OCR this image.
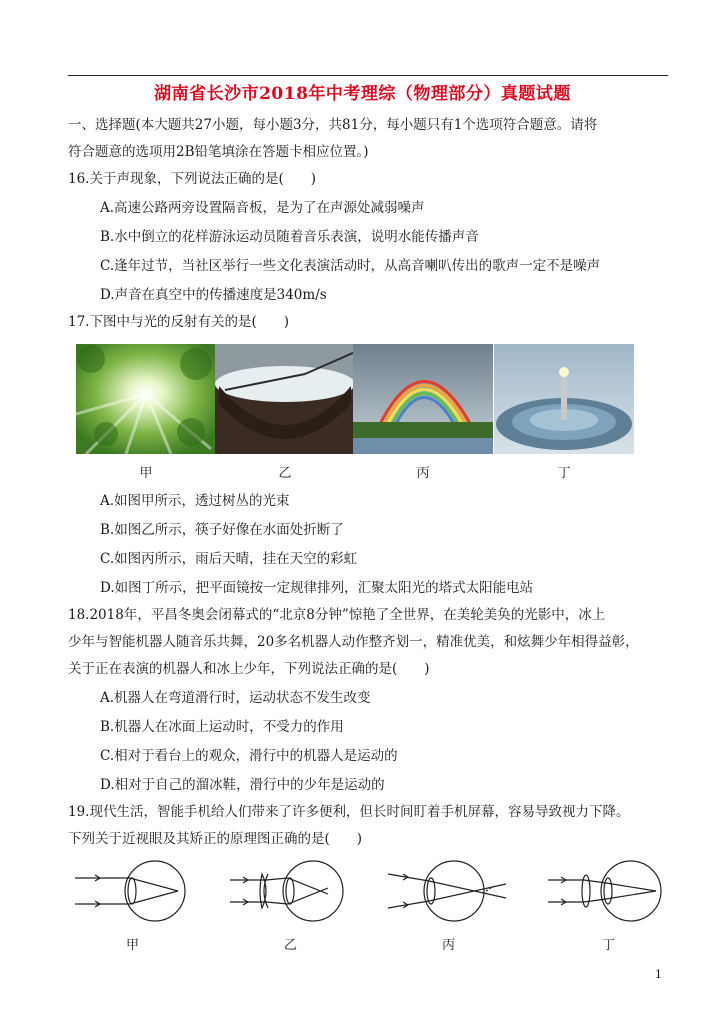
湖南省长沙市2018年中考理综（物理部分）真题试题
一、选择题(本大题共27小题，每小题3分，共81分，每小题只有1个选项符合题意。请将
符合题意的选项用2B铅笔填涂在答题卡相应位置。)
16.关于声现象，下列说法正确的是(　　)
A.高速公路两旁设置隔音板，是为了在声源处减弱噪声
B.水中倒立的花样游泳运动员随着音乐表演，说明水能传播声音
C.逢年过节，当社区举行一些文化表演活动时，从高音喇叭传出的歌声一定不是噪声
D.声音在真空中的传播速度是340m/s
17.下图中与光的反射有关的是(　　)
甲	乙	丙	丁
A.如图甲所示，透过树丛的光束
B.如图乙所示，筷子好像在水面处折断了
C.如图丙所示，雨后天晴，挂在天空的彩虹
D.如图丁所示，把平面镜按一定规律排列，汇聚太阳光的塔式太阳能电站
18.2018年，平昌冬奥会闭幕式的“北京8分钟”惊艳了全世界，在美轮美奂的光影中，冰上
少年与智能机器人随音乐共舞，20多名机器人动作整齐划一，精准优美，和炫舞少年相得益彰，
关于正在表演的机器人和冰上少年，下列说法正确的是(　　)
A.机器人在弯道滑行时，运动状态不发生改变
B.机器人在冰面上运动时，不受力的作用
C.相对于看台上的观众，滑行中的机器人是运动的
D.相对于自己的溜冰鞋，滑行中的少年是运动的
19.现代生活，智能手机给人们带来了许多便利，但长时间盯着手机屏幕，容易导致视力下降。
下列关于近视眼及其矫正的原理图正确的是(　　)
甲	乙	丙	丁
1
